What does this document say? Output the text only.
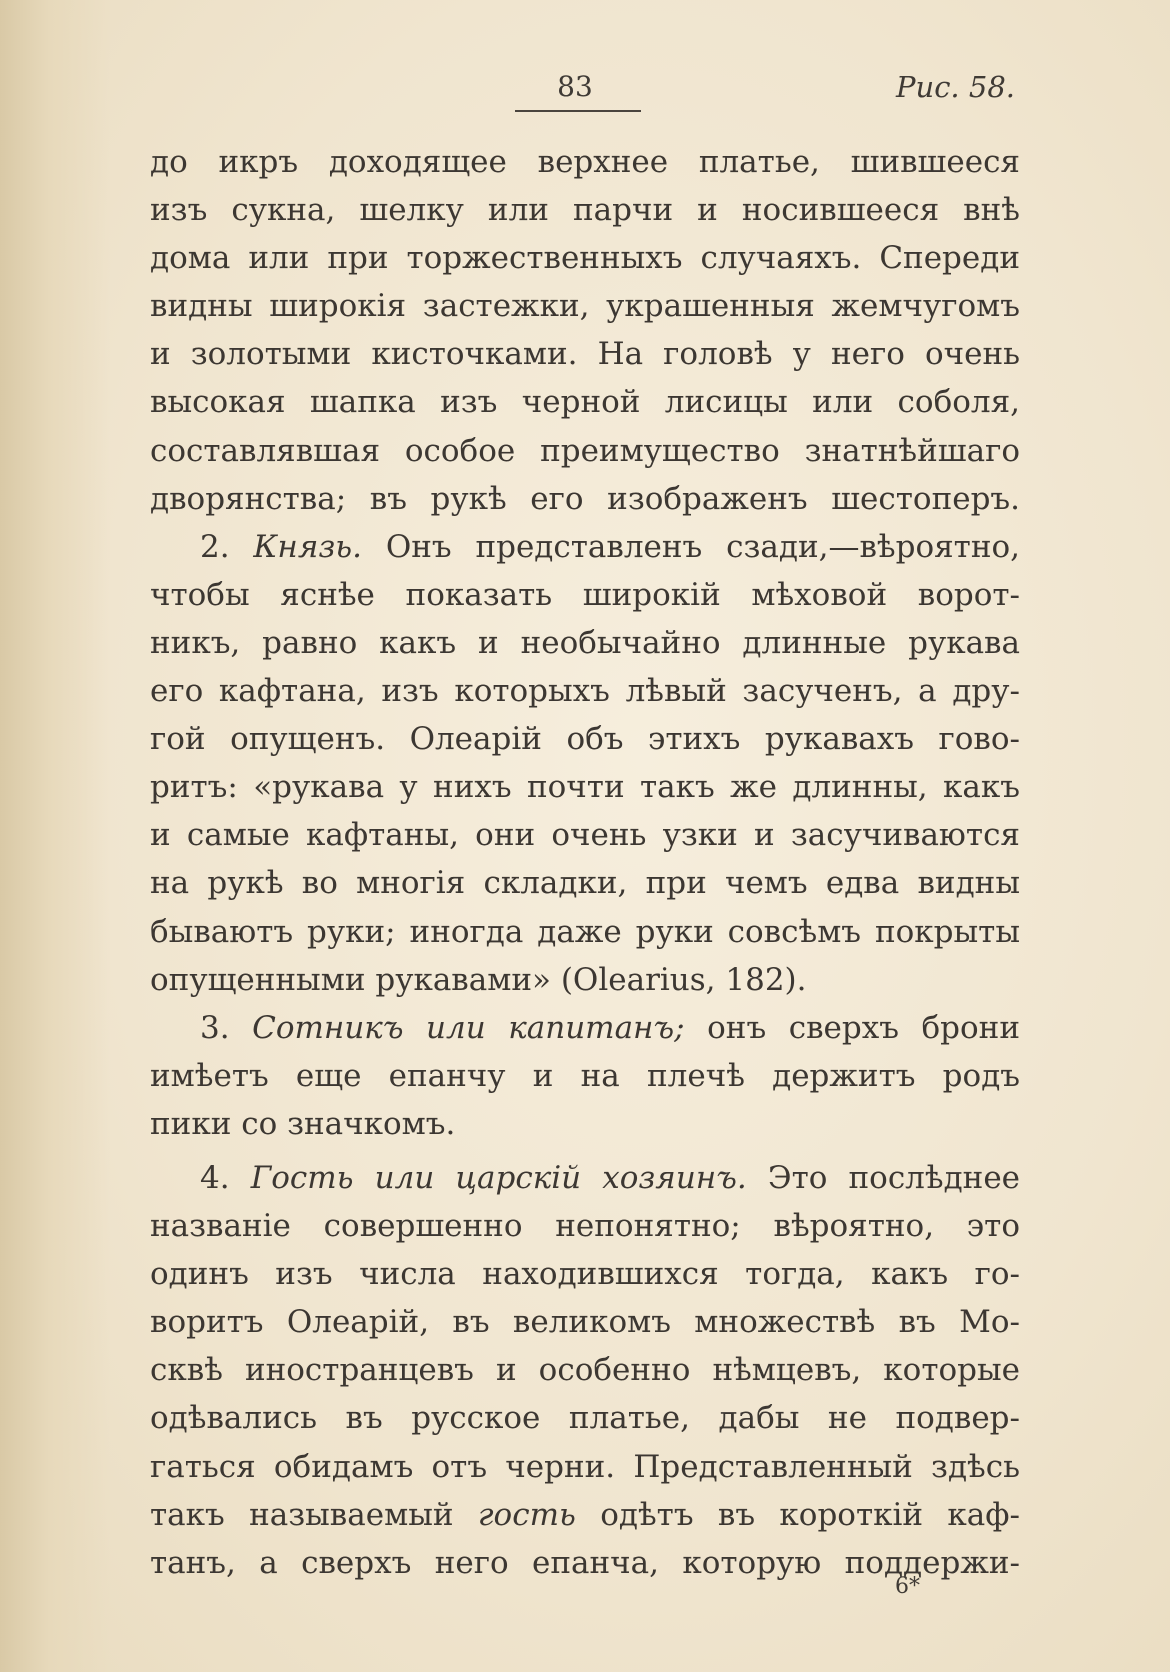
83	Рис. 58.
до икръ доходящее верхнее платье, шившееся
изъ сукна, шелку или парчи и носившееся внѣ
дома или при торжественныхъ случаяхъ. Спереди
видны широкія застежки, украшенныя жемчугомъ
и золотыми кисточками. На головѣ у него очень
высокая шапка изъ черной лисицы или соболя,
составлявшая особое преимущество знатнѣйшаго
дворянства; въ рукѣ его изображенъ шестоперъ.
2. Князь. Онъ представленъ сзади,—вѣроятно,
чтобы яснѣе показать широкій мѣховой ворот-
никъ, равно какъ и необычайно длинные рукава
его кафтана, изъ которыхъ лѣвый засученъ, а дру-
гой опущенъ. Олеарій объ этихъ рукавахъ гово-
ритъ: «рукава у нихъ почти такъ же длинны, какъ
и самые кафтаны, они очень узки и засучиваются
на рукѣ во многія складки, при чемъ едва видны
бываютъ руки; иногда даже руки совсѣмъ покрыты
опущенными рукавами» (Olearius, 182).
3. Сотникъ или капитанъ; онъ сверхъ брони
имѣетъ еще епанчу и на плечѣ держитъ родъ
пики со значкомъ.
4. Гость или царскій хозяинъ. Это послѣднее
названіе совершенно непонятно; вѣроятно, это
одинъ изъ числа находившихся тогда, какъ го-
воритъ Олеарій, въ великомъ множествѣ въ Мо-
сквѣ иностранцевъ и особенно нѣмцевъ, которые
одѣвались въ русское платье, дабы не подвер-
гаться обидамъ отъ черни. Представленный здѣсь
такъ называемый гость одѣтъ въ короткій каф-
танъ, а сверхъ него епанча, которую поддержи-
6*
